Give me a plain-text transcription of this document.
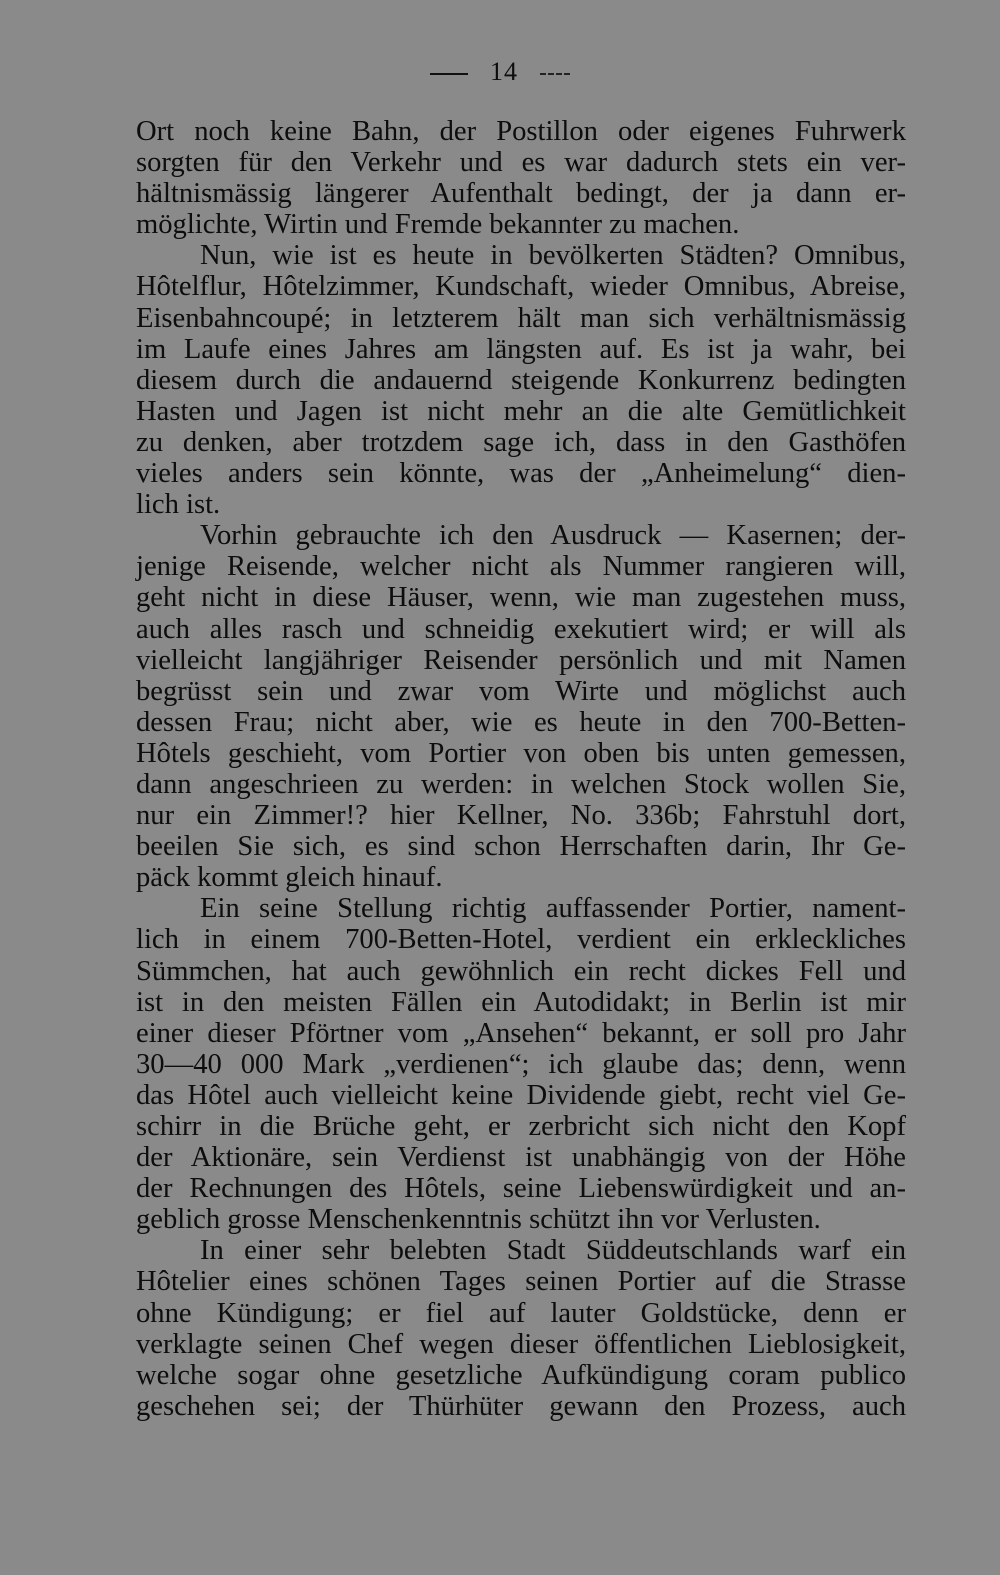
14
Ort noch keine Bahn, der Postillon oder eigenes Fuhrwerk
sorgten für den Verkehr und es war dadurch stets ein ver-
hältnismässig längerer Aufenthalt bedingt, der ja dann er-
möglichte, Wirtin und Fremde bekannter zu machen.
Nun, wie ist es heute in bevölkerten Städten? Omnibus,
Hôtelflur, Hôtelzimmer, Kundschaft, wieder Omnibus, Abreise,
Eisenbahncoupé; in letzterem hält man sich verhältnismässig
im Laufe eines Jahres am längsten auf. Es ist ja wahr, bei
diesem durch die andauernd steigende Konkurrenz bedingten
Hasten und Jagen ist nicht mehr an die alte Gemütlichkeit
zu denken, aber trotzdem sage ich, dass in den Gasthöfen
vieles anders sein könnte, was der „Anheimelung“ dien-
lich ist.
Vorhin gebrauchte ich den Ausdruck — Kasernen; der-
jenige Reisende, welcher nicht als Nummer rangieren will,
geht nicht in diese Häuser, wenn, wie man zugestehen muss,
auch alles rasch und schneidig exekutiert wird; er will als
vielleicht langjähriger Reisender persönlich und mit Namen
begrüsst sein und zwar vom Wirte und möglichst auch
dessen Frau; nicht aber, wie es heute in den 700-Betten-
Hôtels geschieht, vom Portier von oben bis unten gemessen,
dann angeschrieen zu werden: in welchen Stock wollen Sie,
nur ein Zimmer!? hier Kellner, No. 336b; Fahrstuhl dort,
beeilen Sie sich, es sind schon Herrschaften darin, Ihr Ge-
päck kommt gleich hinauf.
Ein seine Stellung richtig auffassender Portier, nament-
lich in einem 700-Betten-Hotel, verdient ein erkleckliches
Sümmchen, hat auch gewöhnlich ein recht dickes Fell und
ist in den meisten Fällen ein Autodidakt; in Berlin ist mir
einer dieser Pförtner vom „Ansehen“ bekannt, er soll pro Jahr
30—40 000 Mark „verdienen“; ich glaube das; denn, wenn
das Hôtel auch vielleicht keine Dividende giebt, recht viel Ge-
schirr in die Brüche geht, er zerbricht sich nicht den Kopf
der Aktionäre, sein Verdienst ist unabhängig von der Höhe
der Rechnungen des Hôtels, seine Liebenswürdigkeit und an-
geblich grosse Menschenkenntnis schützt ihn vor Verlusten.
In einer sehr belebten Stadt Süddeutschlands warf ein
Hôtelier eines schönen Tages seinen Portier auf die Strasse
ohne Kündigung; er fiel auf lauter Goldstücke, denn er
verklagte seinen Chef wegen dieser öffentlichen Lieblosigkeit,
welche sogar ohne gesetzliche Aufkündigung coram publico
geschehen sei; der Thürhüter gewann den Prozess, auch
